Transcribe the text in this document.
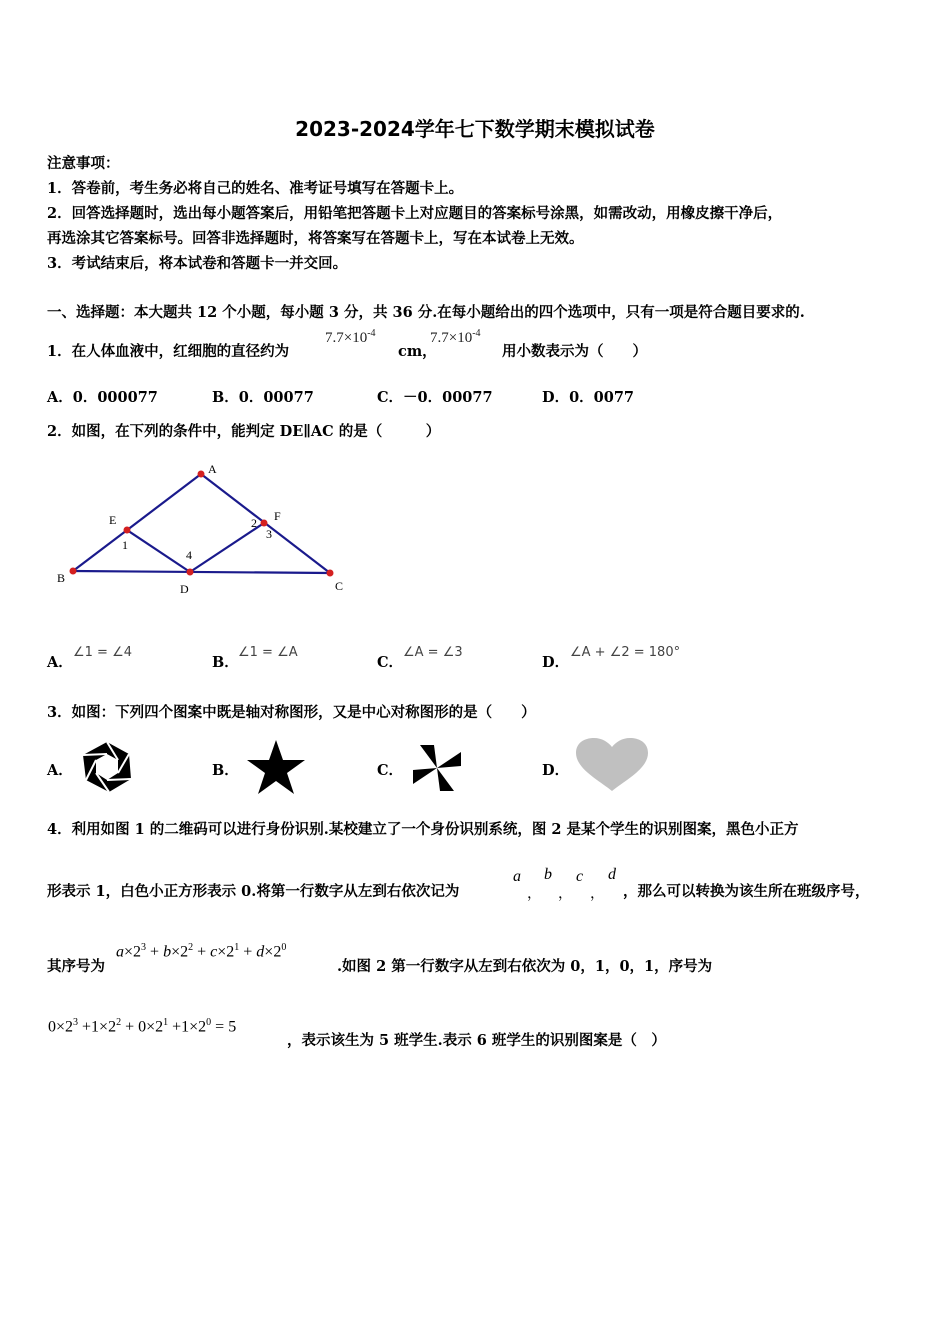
2023-2024学年七下数学期末模拟试卷
注意事项：
1．答卷前，考生务必将自己的姓名、准考证号填写在答题卡上。
2．回答选择题时，选出每小题答案后，用铅笔把答题卡上对应题目的答案标号涂黑，如需改动，用橡皮擦干净后，
再选涂其它答案标号。回答非选择题时，将答案写在答题卡上，写在本试卷上无效。
3．考试结束后，将本试卷和答题卡一并交回。
一、选择题：本大题共 12 个小题，每小题 3 分，共 36 分.在每小题给出的四个选项中，只有一项是符合题目要求的.
1．在人体血液中，红细胞的直径约为
$7.7\times 10^{-4}$
cm，
$7.7\times 10^{-4}$
用小数表示为（　　）
A．0．000077	B．0．00077	C．－0．00077	D．0．0077
2．如图，在下列的条件中，能判定 DE∥AC 的是（　　　）
A
B
C
D
E	F
1
2
3
4
A．
∠1 = ∠4
B．
∠1 = ∠A
C．
∠A = ∠3
D．
∠A + ∠2 = 180°
3．如图：下列四个图案中既是轴对称图形，又是中心对称图形的是（　　）
A．	B．	C．	D．
4．利用如图 1 的二维码可以进行身份识别.某校建立了一个身份识别系统，图 2 是某个学生的识别图案，黑色小正方
形表示 1，白色小正方形表示 0.将第一行数字从左到右依次记为
a
，
b
，
c
，
d
，那么可以转换为该生所在班级序号，
其序号为
$a\times 2^3 + b\times 2^2 + c\times 2^1 + d\times 2^0$
.如图 2 第一行数字从左到右依次为 0，1，0，1，序号为
$0\times 2^3 +1\times 2^2 + 0\times 2^1 +1\times 2^0 = 5$
，表示该生为 5 班学生.表示 6 班学生的识别图案是（　）
